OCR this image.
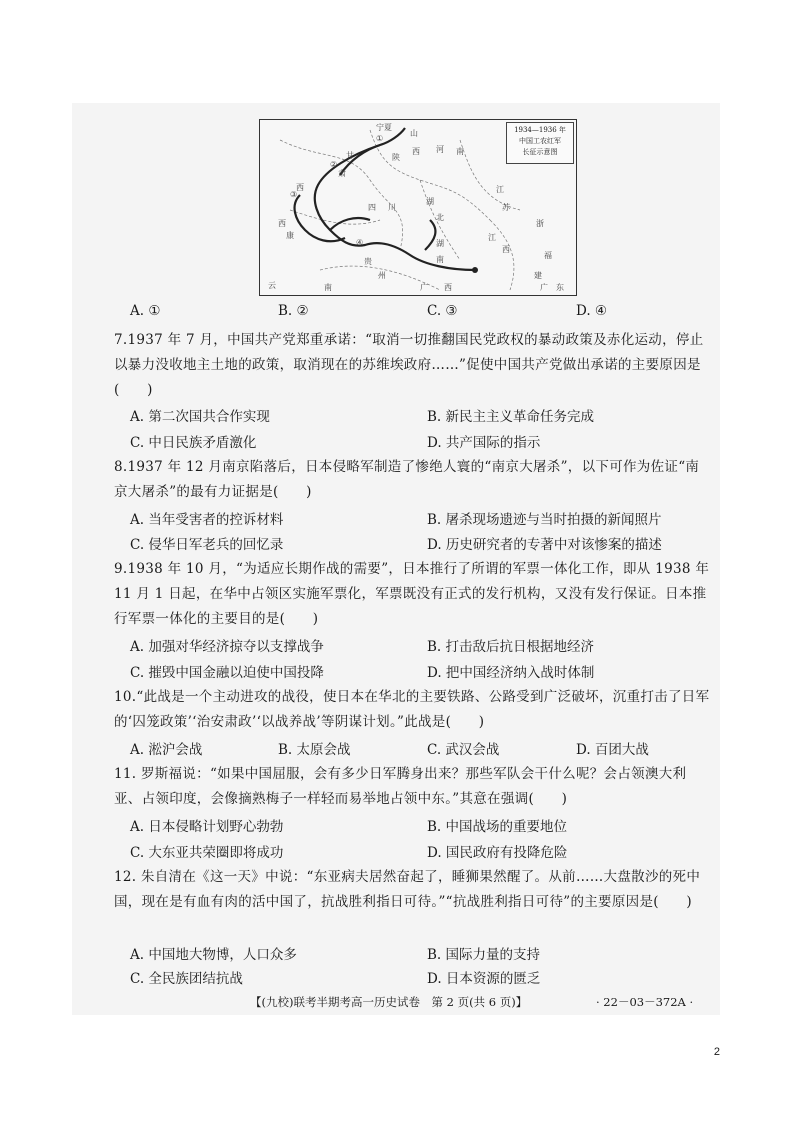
1934—1936 年
中国工农红军
长征示意图
宁夏
甘
肃
陕
山
西 河 南
四 川
湖
北
江
苏
浙
西
湖
南
贵
州
江
西
福
建
云	南	广 西	广 东
西
康
①
②
③
④
A. ①	B. ②	C. ③	D. ④
7.1937 年 7 月，中国共产党郑重承诺：“取消一切推翻国民党政权的暴动政策及赤化运动，停止以暴力没收地主土地的政策，取消现在的苏维埃政府……”促使中国共产党做出承诺的主要原因是(　　)
A. 第二次国共合作实现	B. 新民主主义革命任务完成
C. 中日民族矛盾激化	D. 共产国际的指示
8.1937 年 12 月南京陷落后，日本侵略军制造了惨绝人寰的“南京大屠杀”，以下可作为佐证“南京大屠杀”的最有力证据是(　　)
A. 当年受害者的控诉材料	B. 屠杀现场遗迹与当时拍摄的新闻照片
C. 侵华日军老兵的回忆录	D. 历史研究者的专著中对该惨案的描述
9.1938 年 10 月，“为适应长期作战的需要”，日本推行了所谓的军票一体化工作，即从 1938 年 11 月 1 日起，在华中占领区实施军票化，军票既没有正式的发行机构，又没有发行保证。日本推行军票一体化的主要目的是(　　)
A. 加强对华经济掠夺以支撑战争	B. 打击敌后抗日根据地经济
C. 摧毁中国金融以迫使中国投降	D. 把中国经济纳入战时体制
10.“此战是一个主动进攻的战役，使日本在华北的主要铁路、公路受到广泛破坏，沉重打击了日军的‘囚笼政策’‘治安肃政’‘以战养战’等阴谋计划。”此战是(　　)
A. 淞沪会战	B. 太原会战	C. 武汉会战	D. 百团大战
11. 罗斯福说：“如果中国屈服，会有多少日军腾身出来？那些军队会干什么呢？会占领澳大利亚、占领印度，会像摘熟梅子一样轻而易举地占领中东。”其意在强调(　　)
A. 日本侵略计划野心勃勃	B. 中国战场的重要地位
C. 大东亚共荣圈即将成功	D. 国民政府有投降危险
12. 朱自清在《这一天》中说：“东亚病夫居然奋起了，睡狮果然醒了。从前……大盘散沙的死中国，现在是有血有肉的活中国了，抗战胜利指日可待。”“抗战胜利指日可待”的主要原因是(　　)
A. 中国地大物博，人口众多	B. 国际力量的支持
C. 全民族团结抗战	D. 日本资源的匮乏
【(九校)联考半期考高一历史试卷　第 2 页(共 6 页)】	· 22－03－372A ·
2
